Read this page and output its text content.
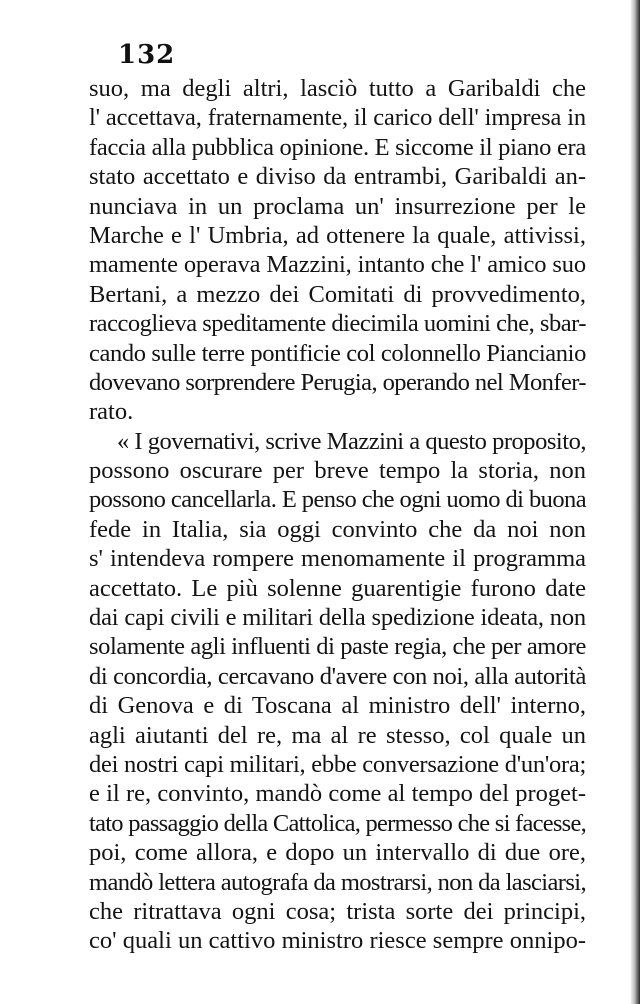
132
suo, ma degli altri, lasciò tutto a Garibaldi che
l' accettava, fraternamente, il carico dell' impresa in
faccia alla pubblica opinione. E siccome il piano era
stato accettato e diviso da entrambi, Garibaldi an-
nunciava in un proclama un' insurrezione per le
Marche e l' Umbria, ad ottenere la quale, attivissi,
mamente operava Mazzini, intanto che l' amico suo
Bertani, a mezzo dei Comitati di provvedimento,
raccoglieva speditamente diecimila uomini che, sbar-
cando sulle terre pontificie col colonnello Piancianio
dovevano sorprendere Perugia, operando nel Monfer-
rato.
« I governativi, scrive Mazzini a questo proposito,
possono oscurare per breve tempo la storia, non
possono cancellarla. E penso che ogni uomo di buona
fede in Italia, sia oggi convinto che da noi non
s' intendeva rompere menomamente il programma
accettato. Le più solenne guarentigie furono date
dai capi civili e militari della spedizione ideata, non
solamente agli influenti di paste regia, che per amore
di concordia, cercavano d'avere con noi, alla autorità
di Genova e di Toscana al ministro dell' interno,
agli aiutanti del re, ma al re stesso, col quale un
dei nostri capi militari, ebbe conversazione d'un'ora;
e il re, convinto, mandò come al tempo del proget-
tato passaggio della Cattolica, permesso che si facesse,
poi, come allora, e dopo un intervallo di due ore,
mandò lettera autografa da mostrarsi, non da lasciarsi,
che ritrattava ogni cosa; trista sorte dei principi,
co' quali un cattivo ministro riesce sempre onnipo-
